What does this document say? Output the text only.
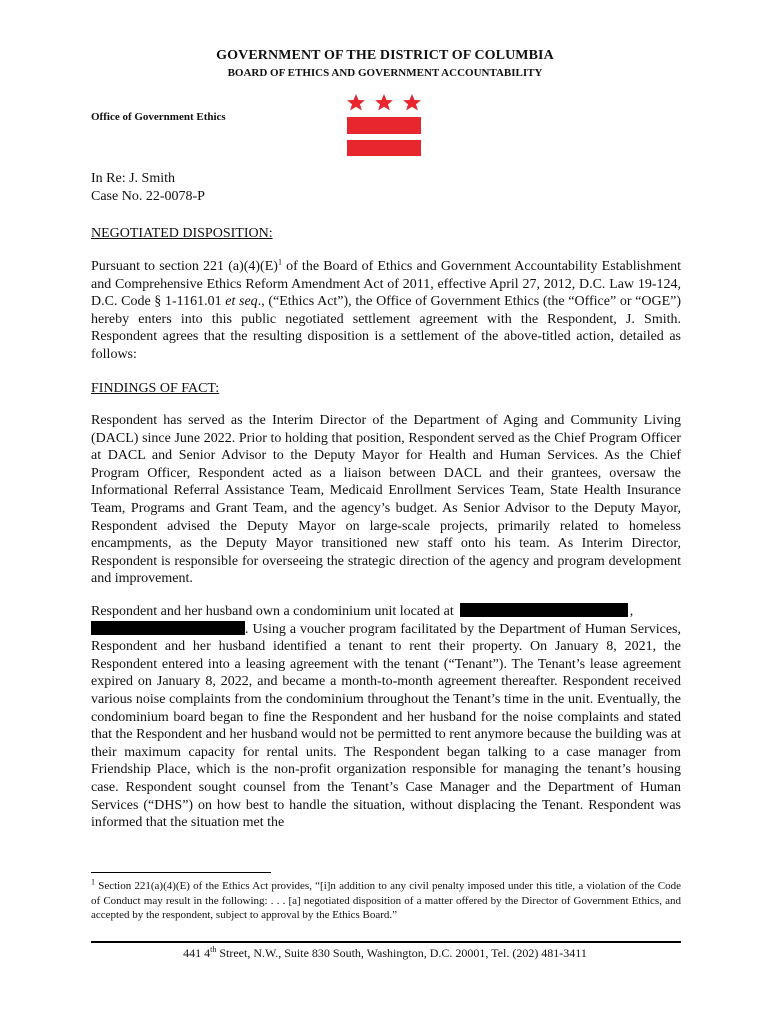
GOVERNMENT OF THE DISTRICT OF COLUMBIA
BOARD OF ETHICS AND GOVERNMENT ACCOUNTABILITY
Office of Government Ethics
In Re: J. Smith
Case No. 22-0078-P
NEGOTIATED DISPOSITION:
Pursuant to section 221 $(a)(4)(E)^1$ of the Board of Ethics and Government Accountability Establishment and Comprehensive Ethics Reform Amendment Act of 2011, effective April 27, 2012, D.C. Law 19-124, D.C. Code § 1-1161.01 et seq., (“Ethics Act”), the Office of Government Ethics (the “Office” or “OGE”) hereby enters into this public negotiated settlement agreement with the Respondent, J. Smith. Respondent agrees that the resulting disposition is a settlement of the above-titled action, detailed as follows:
FINDINGS OF FACT:
Respondent has served as the Interim Director of the Department of Aging and Community Living (DACL) since June 2022. Prior to holding that position, Respondent served as the Chief Program Officer at DACL and Senior Advisor to the Deputy Mayor for Health and Human Services. As the Chief Program Officer, Respondent acted as a liaison between DACL and their grantees, oversaw the Informational Referral Assistance Team, Medicaid Enrollment Services Team, State Health Insurance Team, Programs and Grant Team, and the agency’s budget. As Senior Advisor to the Deputy Mayor, Respondent advised the Deputy Mayor on large-scale projects, primarily related to homeless encampments, as the Deputy Mayor transitioned new staff onto his team. As Interim Director, Respondent is responsible for overseeing the strategic direction of the agency and program development and improvement.
Respondent and her husband own a condominium unit located at	,
. Using a voucher program facilitated by the Department of Human Services, Respondent and her husband identified a tenant to rent their property. On January 8, 2021, the Respondent entered into a leasing agreement with the tenant (“Tenant”). The Tenant’s lease agreement expired on January 8, 2022, and became a month-to-month agreement thereafter. Respondent received various noise complaints from the condominium throughout the Tenant’s time in the unit. Eventually, the condominium board began to fine the Respondent and her husband for the noise complaints and stated that the Respondent and her husband would not be permitted to rent anymore because the building was at their maximum capacity for rental units. The Respondent began talking to a case manager from Friendship Place, which is the non-profit organization responsible for managing the tenant’s housing case. Respondent sought counsel from the Tenant’s Case Manager and the Department of Human Services (“DHS”) on how best to handle the situation, without displacing the Tenant. Respondent was informed that the situation met the
$^1$ Section 221(a)(4)(E) of the Ethics Act provides, “[i]n addition to any civil penalty imposed under this title, a violation of the Code of Conduct may result in the following: . . . [a] negotiated disposition of a matter offered by the Director of Government Ethics, and accepted by the respondent, subject to approval by the Ethics Board.”
441 4th Street, N.W., Suite 830 South, Washington, D.C. 20001, Tel. (202) 481-3411
